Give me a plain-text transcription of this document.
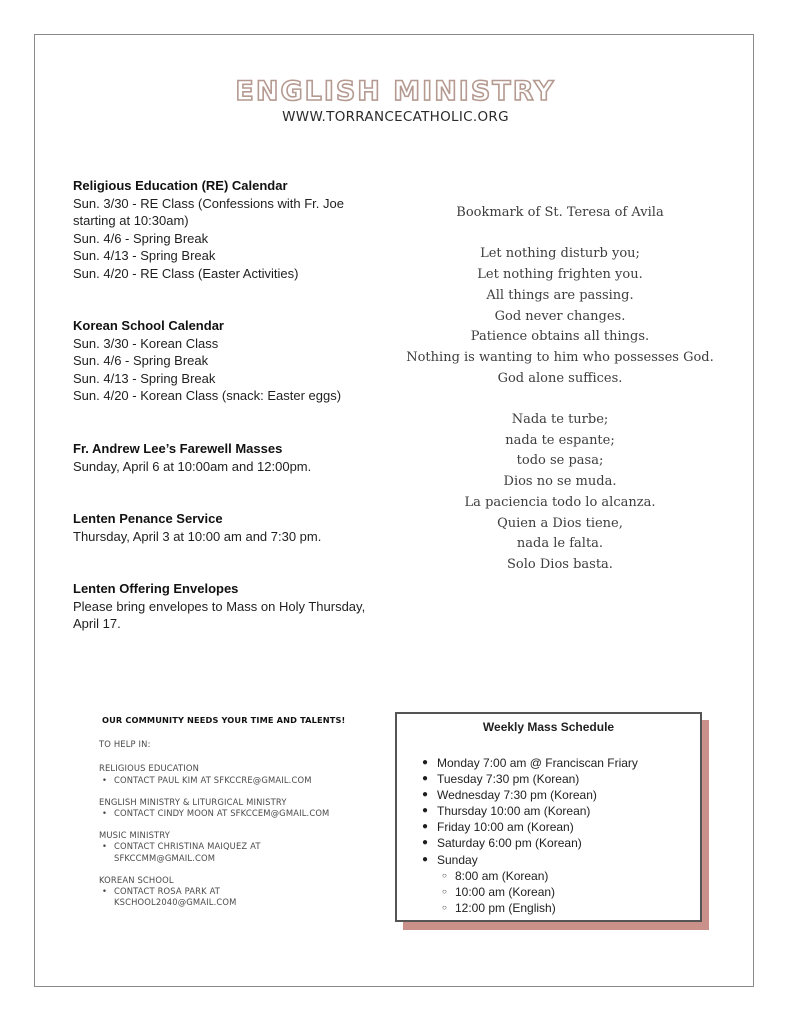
ENGLISH MINISTRY
WWW.TORRANCECATHOLIC.ORG
Religious Education (RE) Calendar
Sun. 3/30 - RE Class (Confessions with Fr. Joe starting at 10:30am)
Sun. 4/6 - Spring Break
Sun. 4/13 - Spring Break
Sun. 4/20 - RE Class (Easter Activities)
Korean School Calendar
Sun. 3/30 - Korean Class
Sun. 4/6 - Spring Break
Sun. 4/13 - Spring Break
Sun. 4/20 - Korean Class (snack: Easter eggs)
Fr. Andrew Lee’s Farewell Masses
Sunday, April 6 at 10:00am and 12:00pm.
Lenten Penance Service
Thursday, April 3 at 10:00 am and 7:30 pm.
Lenten Offering Envelopes
Please bring envelopes to Mass on Holy Thursday, April 17.
Bookmark of St. Teresa of Avila
Let nothing disturb you;
Let nothing frighten you.
All things are passing.
God never changes.
Patience obtains all things.
Nothing is wanting to him who possesses God.
God alone suffices.
Nada te turbe;
nada te espante;
todo se pasa;
Dios no se muda.
La paciencia todo lo alcanza.
Quien a Dios tiene,
nada le falta.
Solo Dios basta.
OUR COMMUNITY NEEDS YOUR TIME AND TALENTS!
TO HELP IN:
RELIGIOUS EDUCATION
• CONTACT PAUL KIM AT SFKCCRE@GMAIL.COM
ENGLISH MINISTRY & LITURGICAL MINISTRY
• CONTACT CINDY MOON AT SFKCCEM@GMAIL.COM
MUSIC MINISTRY
• CONTACT CHRISTINA MAIQUEZ AT SFKCCMM@GMAIL.COM
KOREAN SCHOOL
• CONTACT ROSA PARK AT KSCHOOL2040@GMAIL.COM
Weekly Mass Schedule
● Monday 7:00 am @ Franciscan Friary
● Tuesday 7:30 pm (Korean)
● Wednesday 7:30 pm (Korean)
● Thursday 10:00 am (Korean)
● Friday 10:00 am (Korean)
● Saturday 6:00 pm (Korean)
● Sunday
○ 8:00 am (Korean)
○ 10:00 am (Korean)
○ 12:00 pm (English)
